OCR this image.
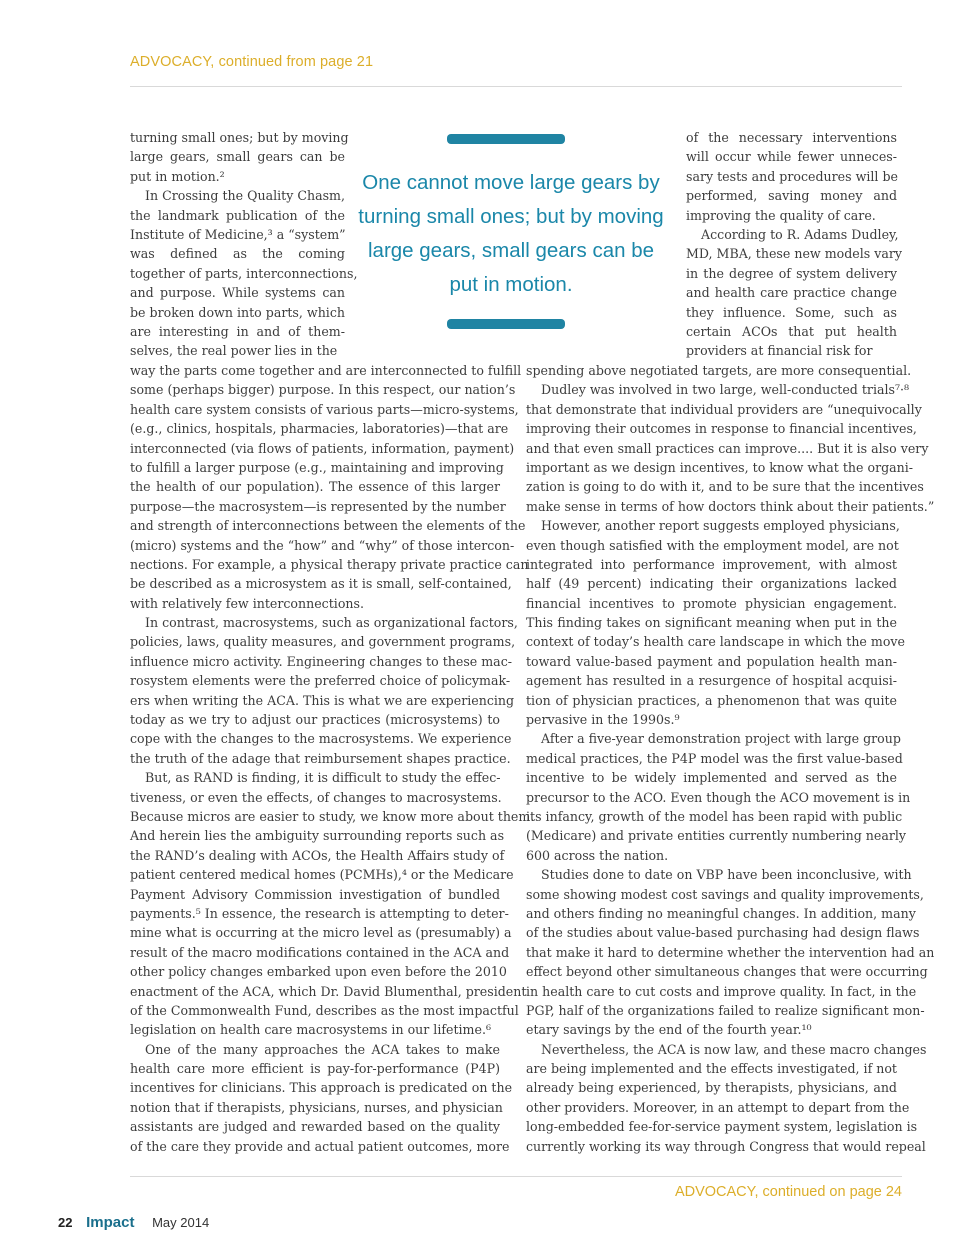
ADVOCACY, continued from page 21
turning small ones; but by moving
large gears, small gears can be
put in motion.²
In Crossing the Quality Chasm,
the landmark publication of the
Institute of Medicine,³ a “system”
was defined as the coming
together of parts, interconnections,
and purpose. While systems can
be broken down into parts, which
are interesting in and of them-
selves, the real power lies in the
One cannot move large gears by turning small ones; but by moving large gears, small gears can be put in motion.
of the necessary interventions
will occur while fewer unneces-
sary tests and procedures will be
performed, saving money and
improving the quality of care.
According to R. Adams Dudley,
MD, MBA, these new models vary
in the degree of system delivery
and health care practice change
they influence. Some, such as
certain ACOs that put health
providers at financial risk for
way the parts come together and are interconnected to fulfill
some (perhaps bigger) purpose. In this respect, our nation’s
health care system consists of various parts—micro-systems,
(e.g., clinics, hospitals, pharmacies, laboratories)—that are
interconnected (via flows of patients, information, payment)
to fulfill a larger purpose (e.g., maintaining and improving
the health of our population). The essence of this larger
purpose—the macrosystem—is represented by the number
and strength of interconnections between the elements of the
(micro) systems and the “how” and “why” of those intercon-
nections. For example, a physical therapy private practice can
be described as a microsystem as it is small, self-contained,
with relatively few interconnections.
In contrast, macrosystems, such as organizational factors,
policies, laws, quality measures, and government programs,
influence micro activity. Engineering changes to these mac-
rosystem elements were the preferred choice of policymak-
ers when writing the ACA. This is what we are experiencing
today as we try to adjust our practices (microsystems) to
cope with the changes to the macrosystems. We experience
the truth of the adage that reimbursement shapes practice.
But, as RAND is finding, it is difficult to study the effec-
tiveness, or even the effects, of changes to macrosystems.
Because micros are easier to study, we know more about them.
And herein lies the ambiguity surrounding reports such as
the RAND’s dealing with ACOs, the Health Affairs study of
patient centered medical homes (PCMHs),⁴ or the Medicare
Payment Advisory Commission investigation of bundled
payments.⁵ In essence, the research is attempting to deter-
mine what is occurring at the micro level as (presumably) a
result of the macro modifications contained in the ACA and
other policy changes embarked upon even before the 2010
enactment of the ACA, which Dr. David Blumenthal, president
of the Commonwealth Fund, describes as the most impactful
legislation on health care macrosystems in our lifetime.⁶
One of the many approaches the ACA takes to make
health care more efficient is pay-for-performance (P4P)
incentives for clinicians. This approach is predicated on the
notion that if therapists, physicians, nurses, and physician
assistants are judged and rewarded based on the quality
of the care they provide and actual patient outcomes, more
spending above negotiated targets, are more consequential.
Dudley was involved in two large, well-conducted trials⁷·⁸
that demonstrate that individual providers are “unequivocally
improving their outcomes in response to financial incentives,
and that even small practices can improve.... But it is also very
important as we design incentives, to know what the organi-
zation is going to do with it, and to be sure that the incentives
make sense in terms of how doctors think about their patients.”
However, another report suggests employed physicians,
even though satisfied with the employment model, are not
integrated into performance improvement, with almost
half (49 percent) indicating their organizations lacked
financial incentives to promote physician engagement.
This finding takes on significant meaning when put in the
context of today’s health care landscape in which the move
toward value-based payment and population health man-
agement has resulted in a resurgence of hospital acquisi-
tion of physician practices, a phenomenon that was quite
pervasive in the 1990s.⁹
After a five-year demonstration project with large group
medical practices, the P4P model was the first value-based
incentive to be widely implemented and served as the
precursor to the ACO. Even though the ACO movement is in
its infancy, growth of the model has been rapid with public
(Medicare) and private entities currently numbering nearly
600 across the nation.
Studies done to date on VBP have been inconclusive, with
some showing modest cost savings and quality improvements,
and others finding no meaningful changes. In addition, many
of the studies about value-based purchasing had design flaws
that make it hard to determine whether the intervention had an
effect beyond other simultaneous changes that were occurring
in health care to cut costs and improve quality. In fact, in the
PGP, half of the organizations failed to realize significant mon-
etary savings by the end of the fourth year.¹⁰
Nevertheless, the ACA is now law, and these macro changes
are being implemented and the effects investigated, if not
already being experienced, by therapists, physicians, and
other providers. Moreover, in an attempt to depart from the
long-embedded fee-for-service payment system, legislation is
currently working its way through Congress that would repeal
ADVOCACY, continued on page 24
22 Impact May 2014
